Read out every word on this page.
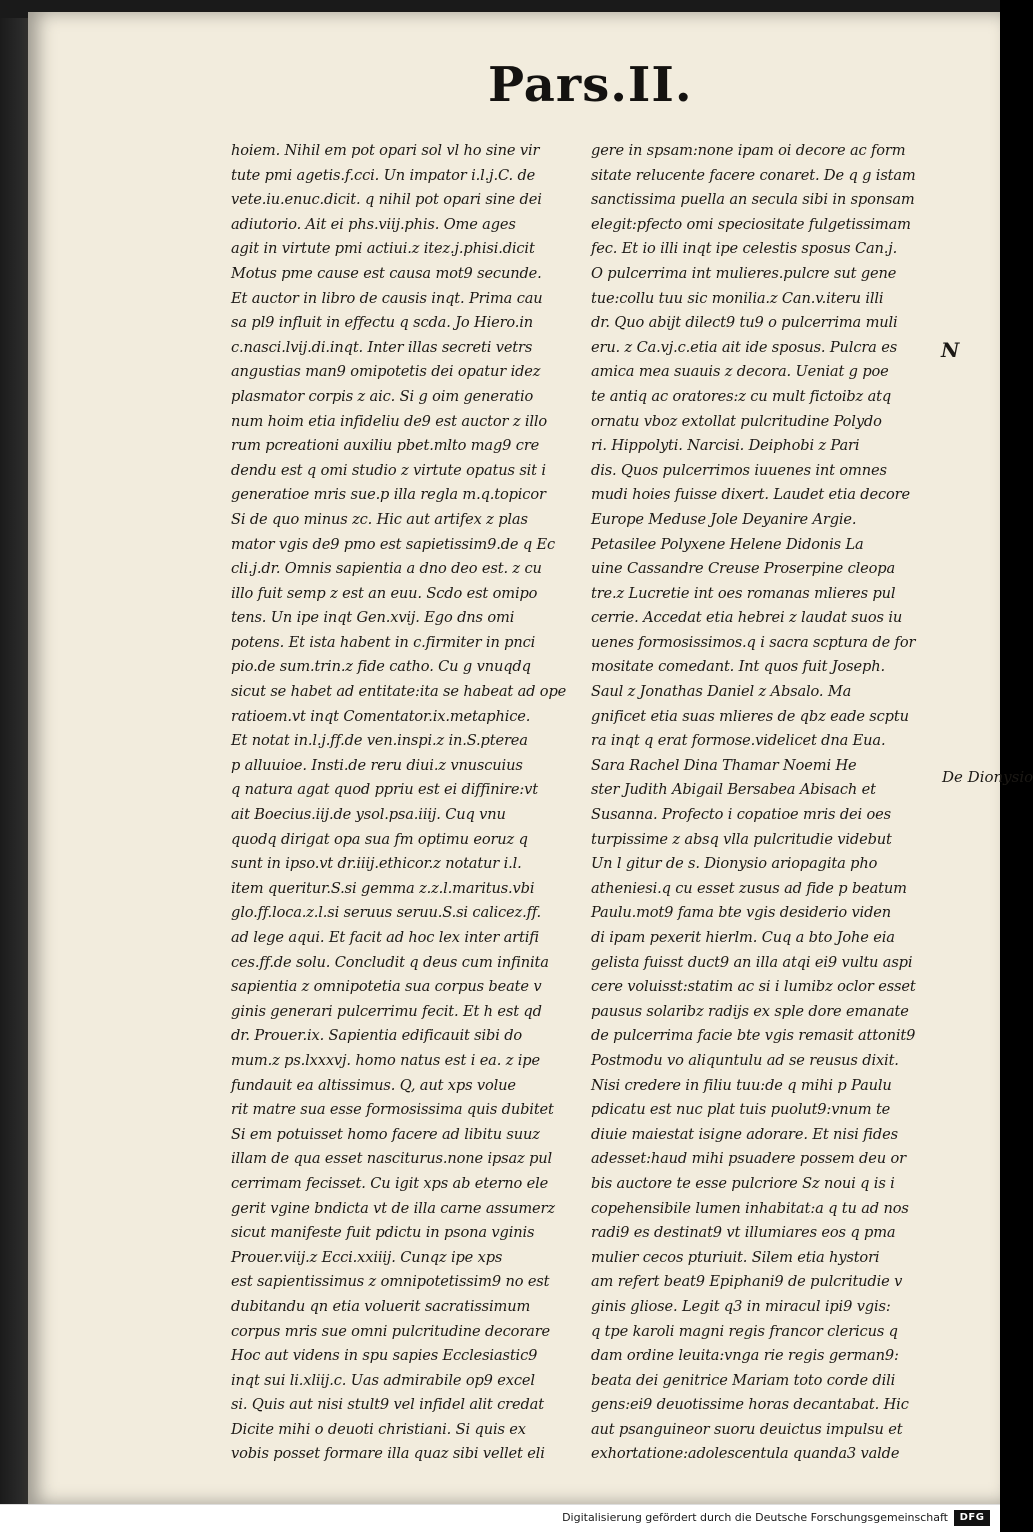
Pars.II.
hoiem. Nihil em pot opari sol vl ho sine vir
tute pmi agetis.f.cci. Un impator i.l.j.C. de
vete.iu.enuc.dicit. q nihil pot opari sine dei
adiutorio. Ait ei phs.viij.phis. Ome ages
agit in virtute pmi actiui.z itez.j.phisi.dicit
Motus pme cause est causa mot9 secunde.
Et auctor in libro de causis inqt. Prima cau
sa pl9 influit in effectu q scda. Jo Hiero.in
c.nasci.lvij.di.inqt. Inter illas secreti vetrs
angustias man9 omipotetis dei opatur idez
plasmator corpis z aic. Si g oim generatio
num hoim etia infideliu de9 est auctor z illo
rum pcreationi auxiliu pbet.mlto mag9 cre
dendu est q omi studio z virtute opatus sit i
generatioe mris sue.p illa regla m.q.topicor
Si de quo minus zc. Hic aut artifex z plas
mator vgis de9 pmo est sapietissim9.de q Ec
cli.j.dr. Omnis sapientia a dno deo est. z cu
illo fuit semp z est an euu. Scdo est omipo
tens. Un ipe inqt Gen.xvij. Ego dns omi
potens. Et ista habent in c.firmiter in pnci
pio.de sum.trin.z fide catho. Cu g vnuqdq
sicut se habet ad entitate:ita se habeat ad ope
ratioem.vt inqt Comentator.ix.metaphice.
Et notat in.l.j.ff.de ven.inspi.z in.S.pterea
p alluuioe. Insti.de reru diui.z vnuscuius
q natura agat quod ppriu est ei diffinire:vt
ait Boecius.iij.de ysol.psa.iiij. Cuq vnu
quodq dirigat opa sua fm optimu eoruz q
sunt in ipso.vt dr.iiij.ethicor.z notatur i.l.
item queritur.S.si gemma z.z.l.maritus.vbi
glo.ff.loca.z.l.si seruus seruu.S.si calicez.ff.
ad lege aqui. Et facit ad hoc lex inter artifi
ces.ff.de solu. Concludit q deus cum infinita
sapientia z omnipotetia sua corpus beate v
ginis generari pulcerrimu fecit. Et h est qd
dr. Prouer.ix. Sapientia edificauit sibi do
mum.z ps.lxxxvj. homo natus est i ea. z ipe
fundauit ea altissimus. Q, aut xps volue
rit matre sua esse formosissima quis dubitet
Si em potuisset homo facere ad libitu suuz
illam de qua esset nasciturus.none ipsaz pul
cerrimam fecisset. Cu igit xps ab eterno ele
gerit vgine bndicta vt de illa carne assumerz
sicut manifeste fuit pdictu in psona vginis
Prouer.viij.z Ecci.xxiiij. Cunqz ipe xps
est sapientissimus z omnipotetissim9 no est
dubitandu qn etia voluerit sacratissimum
corpus mris sue omni pulcritudine decorare
Hoc aut videns in spu sapies Ecclesiastic9
inqt sui li.xliij.c. Uas admirabile op9 excel
si. Quis aut nisi stult9 vel infidel alit credat
Dicite mihi o deuoti christiani. Si quis ex
vobis posset formare illa quaz sibi vellet eli
gere in spsam:none ipam oi decore ac form
sitate relucente facere conaret. De q g istam
sanctissima puella an secula sibi in sponsam
elegit:pfecto omi speciositate fulgetissimam
fec. Et io illi inqt ipe celestis sposus Can.j.
O pulcerrima int mulieres.pulcre sut gene
tue:collu tuu sic monilia.z Can.v.iteru illi
dr. Quo abijt dilect9 tu9 o pulcerrima muli
eru. z Ca.vj.c.etia ait ide sposus. Pulcra es
amica mea suauis z decora. Ueniat g poe
te antiq ac oratores:z cu mult fictoibz atq
ornatu vboz extollat pulcritudine Polydo
ri. Hippolyti. Narcisi. Deiphobi z Pari
dis. Quos pulcerrimos iuuenes int omnes
mudi hoies fuisse dixert. Laudet etia decore
Europe Meduse Jole Deyanire Argie.
Petasilee Polyxene Helene Didonis La
uine Cassandre Creuse Proserpine cleopa
tre.z Lucretie int oes romanas mlieres pul
cerrie. Accedat etia hebrei z laudat suos iu
uenes formosissimos.q i sacra scptura de for
mositate comedant. Int quos fuit Joseph.
Saul z Jonathas Daniel z Absalo. Ma
gnificet etia suas mlieres de qbz eade scptu
ra inqt q erat formose.videlicet dna Eua.
Sara Rachel Dina Thamar Noemi He
ster Judith Abigail Bersabea Abisach et
Susanna. Profecto i copatioe mris dei oes
turpissime z absq vlla pulcritudie videbut
Un l gitur de s. Dionysio ariopagita pho
atheniesi.q cu esset zusus ad fide p beatum
Paulu.mot9 fama bte vgis desiderio viden
di ipam pexerit hierlm. Cuq a bto Johe eia
gelista fuisst duct9 an illa atqi ei9 vultu aspi
cere voluisst:statim ac si i lumibz oclor esset
pausus solaribz radijs ex sple dore emanate
de pulcerrima facie bte vgis remasit attonit9
Postmodu vo aliquntulu ad se reusus dixit.
Nisi credere in filiu tuu:de q mihi p Paulu
pdicatu est nuc plat tuis puolut9:vnum te
diuie maiestat isigne adorare. Et nisi fides
adesset:haud mihi psuadere possem deu or
bis auctore te esse pulcriore Sz noui q is i
copehensibile lumen inhabitat:a q tu ad nos
radi9 es destinat9 vt illumiares eos q pma
mulier cecos pturiuit. Silem etia hystori
am refert beat9 Epiphani9 de pulcritudie v
ginis gliose. Legit q3 in miracul ipi9 vgis:
q tpe karoli magni regis francor clericus q
dam ordine leuita:vnga rie regis german9:
beata dei genitrice Mariam toto corde dili
gens:ei9 deuotissime horas decantabat. Hic
aut psanguineor suoru deuictus impulsu et
exhortatione:adolescentula quanda3 valde
N
De Dionysio
Digitalisierung gefördert durch die Deutsche Forschungsgemeinschaft	DFG
